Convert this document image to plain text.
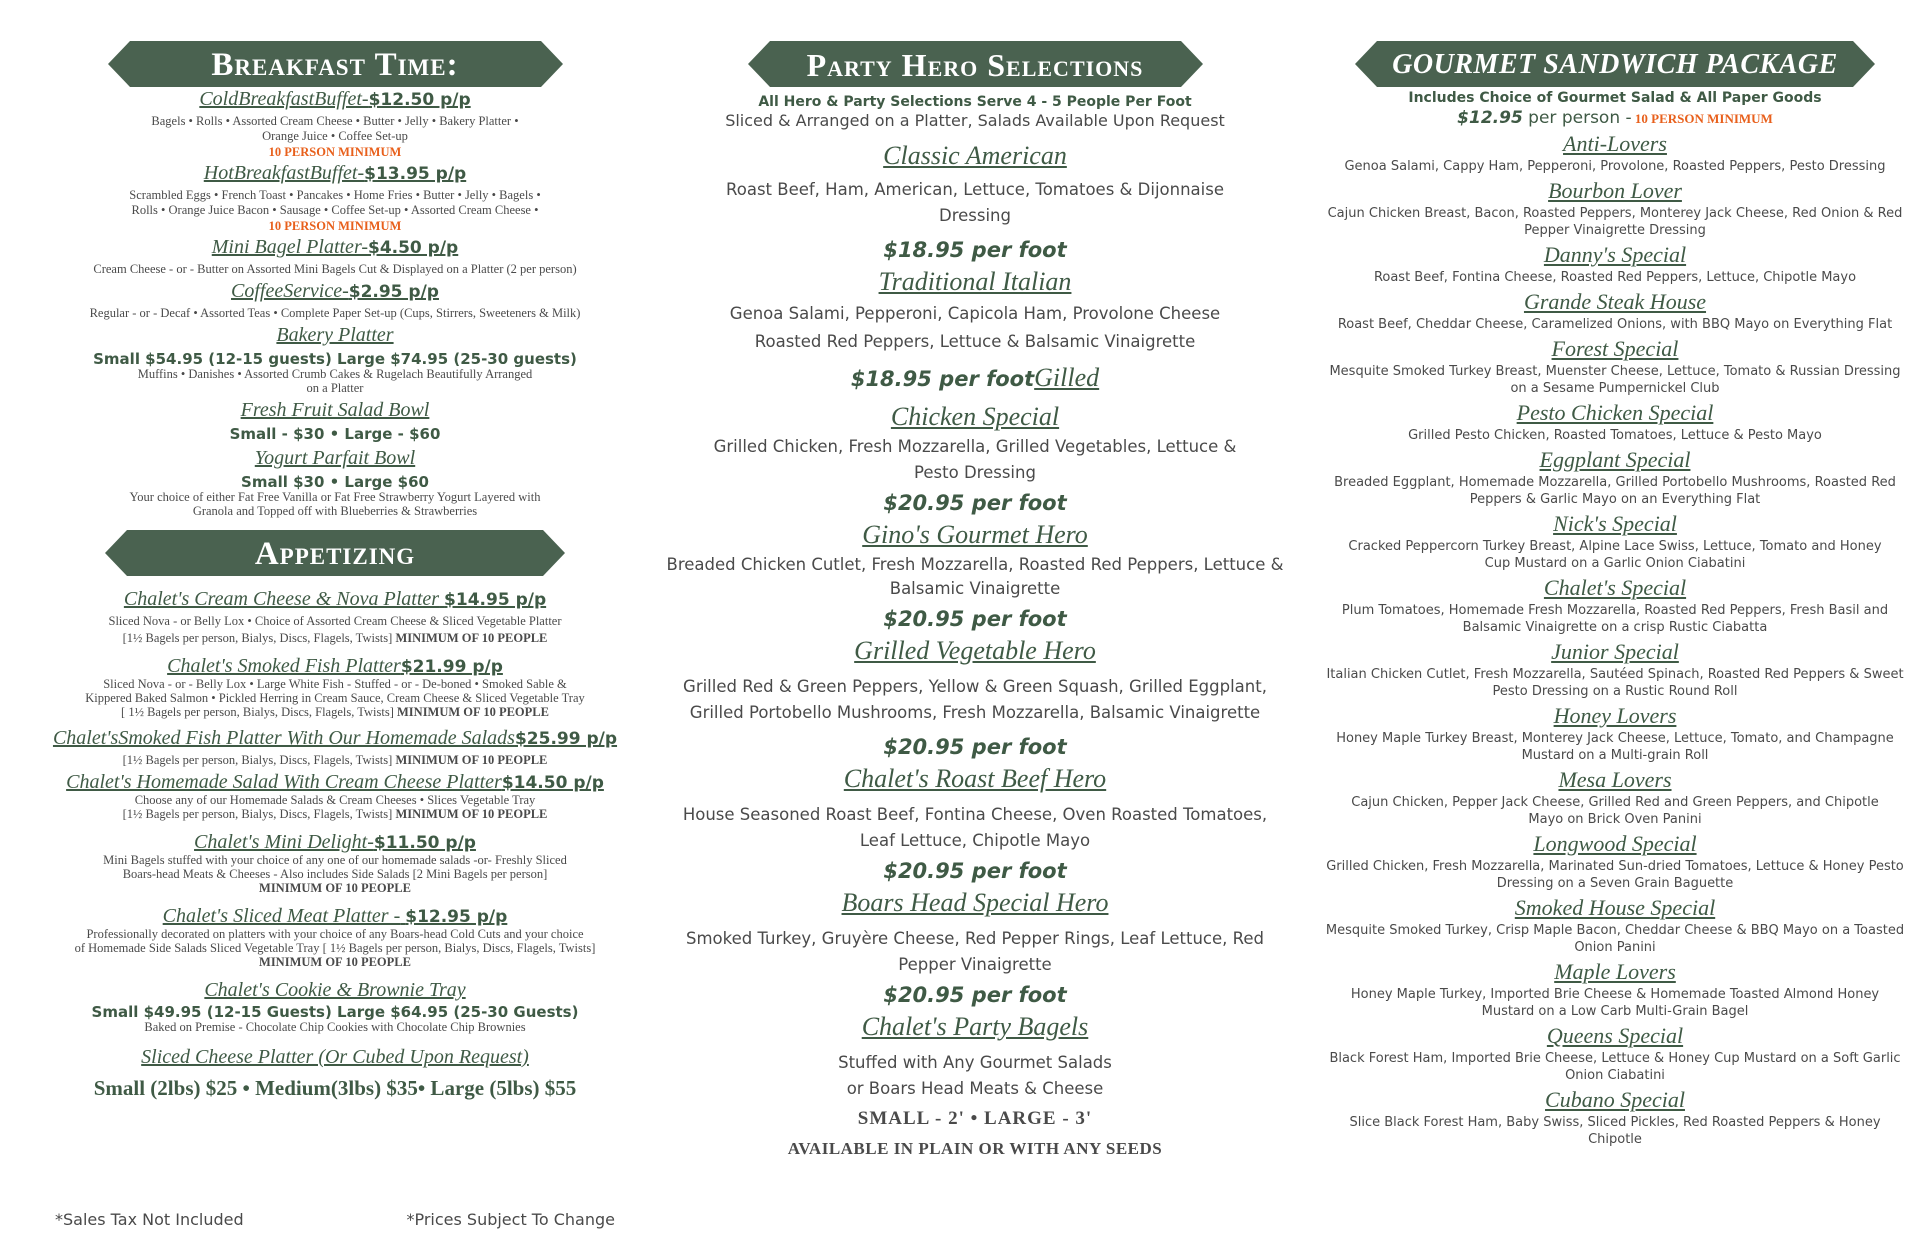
Breakfast Time:
ColdBreakfastBuffet-$12.50 p/p
Bagels • Rolls • Assorted Cream Cheese • Butter • Jelly • Bakery Platter •
Orange Juice • Coffee Set-up
10 PERSON MINIMUM
HotBreakfastBuffet-$13.95 p/p
Scrambled Eggs • French Toast • Pancakes • Home Fries • Butter • Jelly • Bagels •
Rolls • Orange Juice Bacon • Sausage • Coffee Set-up • Assorted Cream Cheese •
10 PERSON MINIMUM
Mini Bagel Platter-$4.50 p/p
Cream Cheese - or - Butter on Assorted Mini Bagels Cut & Displayed on a Platter (2 per person)
CoffeeService-$2.95 p/p
Regular - or - Decaf • Assorted Teas • Complete Paper Set-up (Cups, Stirrers, Sweeteners & Milk)
Bakery Platter
Small $54.95 (12-15 guests) Large $74.95 (25-30 guests)
Muffins • Danishes • Assorted Crumb Cakes & Rugelach Beautifully Arranged
on a Platter
Fresh Fruit Salad Bowl
Small - $30 • Large - $60
Yogurt Parfait Bowl
Small $30 • Large $60
Your choice of either Fat Free Vanilla or Fat Free Strawberry Yogurt Layered with
Granola and Topped off with Blueberries & Strawberries
Appetizing
Chalet's Cream Cheese & Nova Platter $14.95 p/p
Sliced Nova - or Belly Lox • Choice of Assorted Cream Cheese & Sliced Vegetable Platter
[1½ Bagels per person, Bialys, Discs, Flagels, Twists] MINIMUM OF 10 PEOPLE
Chalet's Smoked Fish Platter$21.99 p/p
Sliced Nova - or - Belly Lox • Large White Fish - Stuffed - or - De-boned • Smoked Sable &
Kippered Baked Salmon • Pickled Herring in Cream Sauce, Cream Cheese & Sliced Vegetable Tray
[ 1½ Bagels per person, Bialys, Discs, Flagels, Twists] MINIMUM OF 10 PEOPLE
Chalet'sSmoked Fish Platter With Our Homemade Salads$25.99 p/p
[1½ Bagels per person, Bialys, Discs, Flagels, Twists] MINIMUM OF 10 PEOPLE
Chalet's Homemade Salad With Cream Cheese Platter$14.50 p/p
Choose any of our Homemade Salads & Cream Cheeses • Slices Vegetable Tray
[1½ Bagels per person, Bialys, Discs, Flagels, Twists] MINIMUM OF 10 PEOPLE
Chalet's Mini Delight-$11.50 p/p
Mini Bagels stuffed with your choice of any one of our homemade salads -or- Freshly Sliced
Boars-head Meats & Cheeses - Also includes Side Salads [2 Mini Bagels per person]
MINIMUM OF 10 PEOPLE
Chalet's Sliced Meat Platter - $12.95 p/p
Professionally decorated on platters with your choice of any Boars-head Cold Cuts and your choice
of Homemade Side Salads Sliced Vegetable Tray [ 1½ Bagels per person, Bialys, Discs, Flagels, Twists]
MINIMUM OF 10 PEOPLE
Chalet's Cookie & Brownie Tray
Small $49.95 (12-15 Guests) Large $64.95 (25-30 Guests)
Baked on Premise - Chocolate Chip Cookies with Chocolate Chip Brownies
Sliced Cheese Platter (Or Cubed Upon Request)
Small (2lbs) $25 • Medium(3lbs) $35• Large (5lbs) $55
*Sales Tax Not Included	*Prices Subject To Change
Party Hero Selections
All Hero & Party Selections Serve 4 - 5 People Per Foot
Sliced & Arranged on a Platter, Salads Available Upon Request
Classic American
Roast Beef, Ham, American, Lettuce, Tomatoes & Dijonnaise
Dressing
$18.95 per foot
Traditional Italian
Genoa Salami, Pepperoni, Capicola Ham, Provolone Cheese
Roasted Red Peppers, Lettuce & Balsamic Vinaigrette
$18.95 per footGilled
Chicken Special
Grilled Chicken, Fresh Mozzarella, Grilled Vegetables, Lettuce &
Pesto Dressing
$20.95 per foot
Gino's Gourmet Hero
Breaded Chicken Cutlet, Fresh Mozzarella, Roasted Red Peppers, Lettuce &
Balsamic Vinaigrette
$20.95 per foot
Grilled Vegetable Hero
Grilled Red & Green Peppers, Yellow & Green Squash, Grilled Eggplant,
Grilled Portobello Mushrooms, Fresh Mozzarella, Balsamic Vinaigrette
$20.95 per foot
Chalet's Roast Beef Hero
House Seasoned Roast Beef, Fontina Cheese, Oven Roasted Tomatoes,
Leaf Lettuce, Chipotle Mayo
$20.95 per foot
Boars Head Special Hero
Smoked Turkey, Gruyère Cheese, Red Pepper Rings, Leaf Lettuce, Red
Pepper Vinaigrette
$20.95 per foot
Chalet's Party Bagels
Stuffed with Any Gourmet Salads
or Boars Head Meats & Cheese
SMALL - 2' • LARGE - 3'
AVAILABLE IN PLAIN OR WITH ANY SEEDS
GOURMET SANDWICH PACKAGE
Includes Choice of Gourmet Salad & All Paper Goods
$12.95 per person - 10 PERSON MINIMUM
Anti-Lovers
Genoa Salami, Cappy Ham, Pepperoni, Provolone, Roasted Peppers, Pesto Dressing
Bourbon Lover
Cajun Chicken Breast, Bacon, Roasted Peppers, Monterey Jack Cheese, Red Onion & Red
Pepper Vinaigrette Dressing
Danny's Special
Roast Beef, Fontina Cheese, Roasted Red Peppers, Lettuce, Chipotle Mayo
Grande Steak House
Roast Beef, Cheddar Cheese, Caramelized Onions, with BBQ Mayo on Everything Flat
Forest Special
Mesquite Smoked Turkey Breast, Muenster Cheese, Lettuce, Tomato & Russian Dressing
on a Sesame Pumpernickel Club
Pesto Chicken Special
Grilled Pesto Chicken, Roasted Tomatoes, Lettuce & Pesto Mayo
Eggplant Special
Breaded Eggplant, Homemade Mozzarella, Grilled Portobello Mushrooms, Roasted Red
Peppers & Garlic Mayo on an Everything Flat
Nick's Special
Cracked Peppercorn Turkey Breast, Alpine Lace Swiss, Lettuce, Tomato and Honey
Cup Mustard on a Garlic Onion Ciabatini
Chalet's Special
Plum Tomatoes, Homemade Fresh Mozzarella, Roasted Red Peppers, Fresh Basil and
Balsamic Vinaigrette on a crisp Rustic Ciabatta
Junior Special
Italian Chicken Cutlet, Fresh Mozzarella, Sautéed Spinach, Roasted Red Peppers & Sweet
Pesto Dressing on a Rustic Round Roll
Honey Lovers
Honey Maple Turkey Breast, Monterey Jack Cheese, Lettuce, Tomato, and Champagne
Mustard on a Multi-grain Roll
Mesa Lovers
Cajun Chicken, Pepper Jack Cheese, Grilled Red and Green Peppers, and Chipotle
Mayo on Brick Oven Panini
Longwood Special
Grilled Chicken, Fresh Mozzarella, Marinated Sun-dried Tomatoes, Lettuce & Honey Pesto
Dressing on a Seven Grain Baguette
Smoked House Special
Mesquite Smoked Turkey, Crisp Maple Bacon, Cheddar Cheese & BBQ Mayo on a Toasted
Onion Panini
Maple Lovers
Honey Maple Turkey, Imported Brie Cheese & Homemade Toasted Almond Honey
Mustard on a Low Carb Multi-Grain Bagel
Queens Special
Black Forest Ham, Imported Brie Cheese, Lettuce & Honey Cup Mustard on a Soft Garlic
Onion Ciabatini
Cubano Special
Slice Black Forest Ham, Baby Swiss, Sliced Pickles, Red Roasted Peppers & Honey
Chipotle
